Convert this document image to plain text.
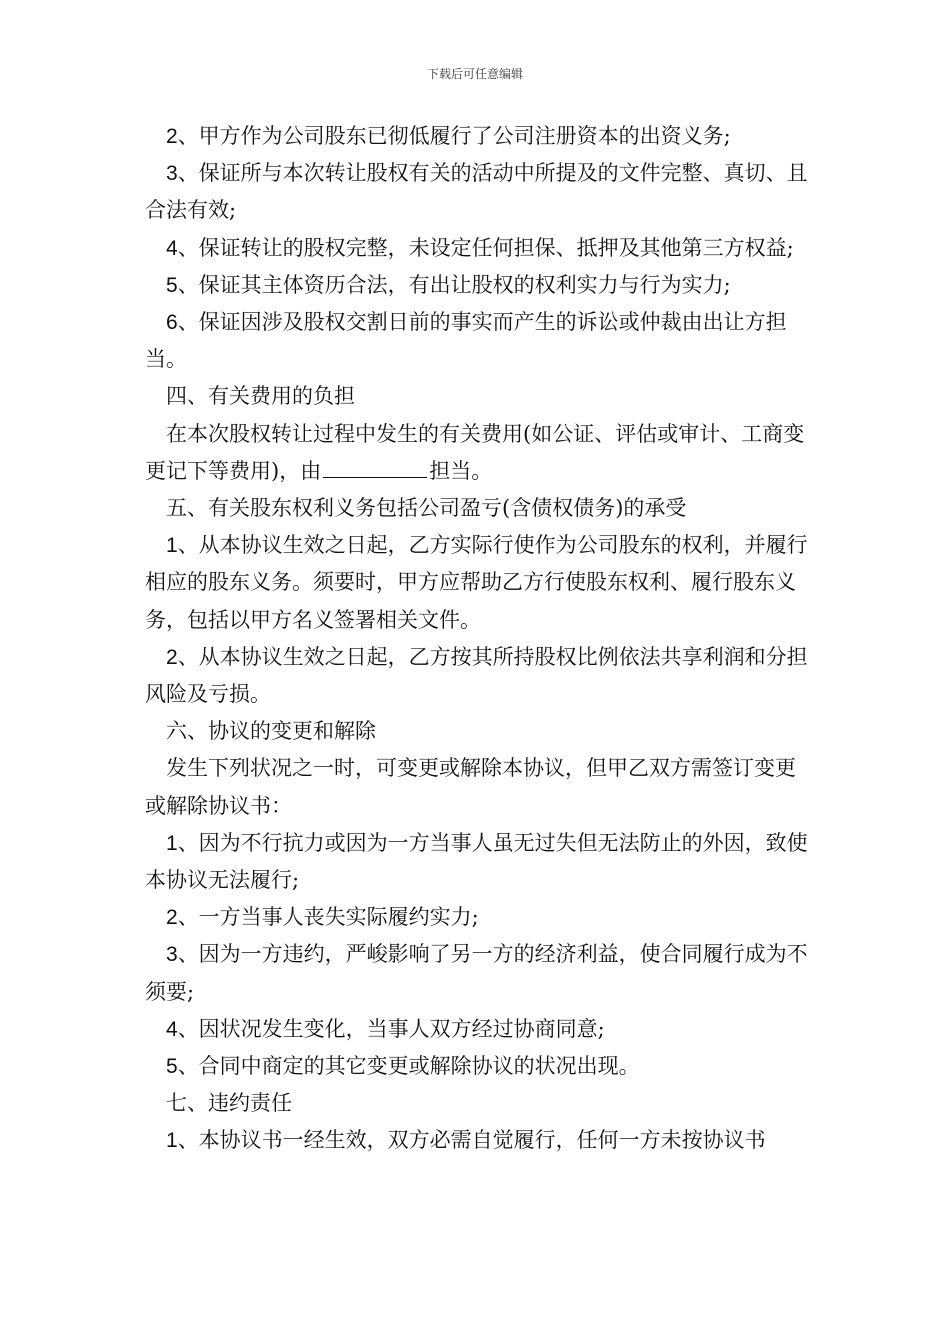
下载后可任意编辑

2、甲方作为公司股东已彻低履行了公司注册资本的出资义务;

3、保证所与本次转让股权有关的活动中所提及的文件完整、真切、且合法有效;

4、保证转让的股权完整，未设定任何担保、抵押及其他第三方权益;

5、保证其主体资历合法，有出让股权的权利实力与行为实力;

6、保证因涉及股权交割日前的事实而产生的诉讼或仲裁由出让方担当。

四、有关费用的负担

在本次股权转让过程中发生的有关费用(如公证、评估或审计、工商变更记下等费用)，由	担当。

五、有关股东权利义务包括公司盈亏(含债权债务)的承受

1、从本协议生效之日起，乙方实际行使作为公司股东的权利，并履行相应的股东义务。须要时，甲方应帮助乙方行使股东权利、履行股东义务，包括以甲方名义签署相关文件。

2、从本协议生效之日起，乙方按其所持股权比例依法共享利润和分担风险及亏损。

六、协议的变更和解除

发生下列状况之一时，可变更或解除本协议，但甲乙双方需签订变更或解除协议书：

1、因为不行抗力或因为一方当事人虽无过失但无法防止的外因，致使本协议无法履行;

2、一方当事人丧失实际履约实力;

3、因为一方违约，严峻影响了另一方的经济利益，使合同履行成为不须要;

4、因状况发生变化，当事人双方经过协商同意;

5、合同中商定的其它变更或解除协议的状况出现。

七、违约责任

1、本协议书一经生效，双方必需自觉履行，任何一方未按协议书
